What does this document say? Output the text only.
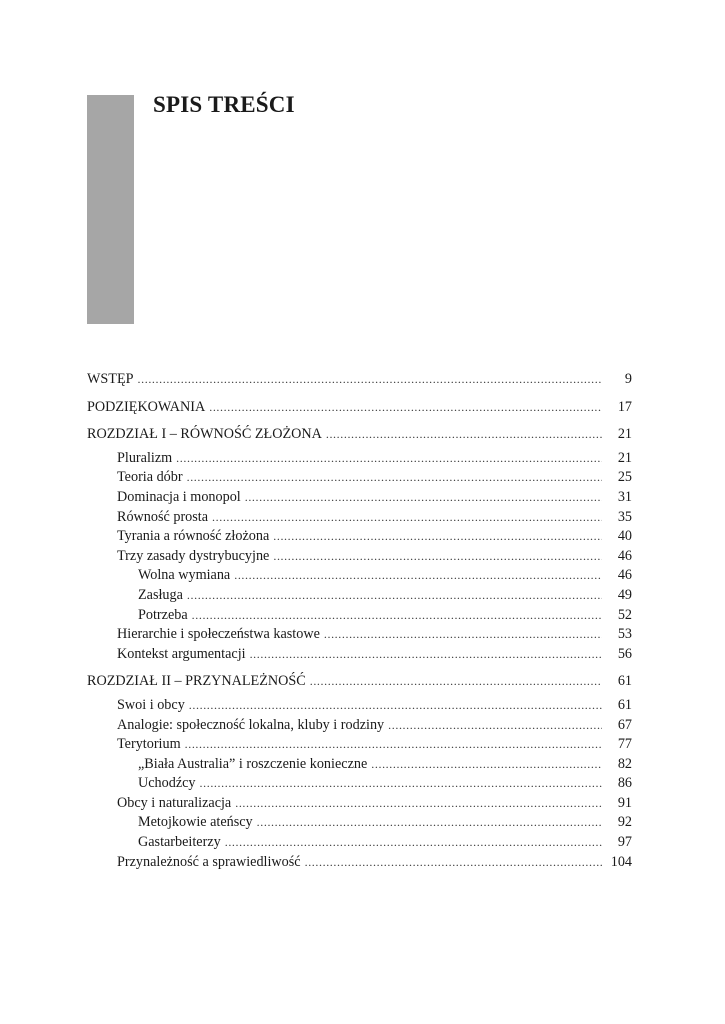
SPIS TREŚCI
WSTĘP .....	9
PODZIĘKOWANIA .....	17
ROZDZIAŁ I – RÓWNOŚĆ ZŁOŻONA .....	21
Pluralizm .....	21
Teoria dóbr .....	25
Dominacja i monopol .....	31
Równość prosta .....	35
Tyrania a równość złożona .....	40
Trzy zasady dystrybucyjne .....	46
Wolna wymiana .....	46
Zasługa .....	49
Potrzeba .....	52
Hierarchie i społeczeństwa kastowe .....	53
Kontekst argumentacji .....	56
ROZDZIAŁ II – PRZYNALEŻNOŚĆ .....	61
Swoi i obcy .....	61
Analogie: społeczność lokalna, kluby i rodziny .....	67
Terytorium .....	77
„Biała Australia” i roszczenie konieczne .....	82
Uchodźcy .....	86
Obcy i naturalizacja .....	91
Metojkowie ateńscy .....	92
Gastarbeiterzy .....	97
Przynależność a sprawiedliwość .....	104
